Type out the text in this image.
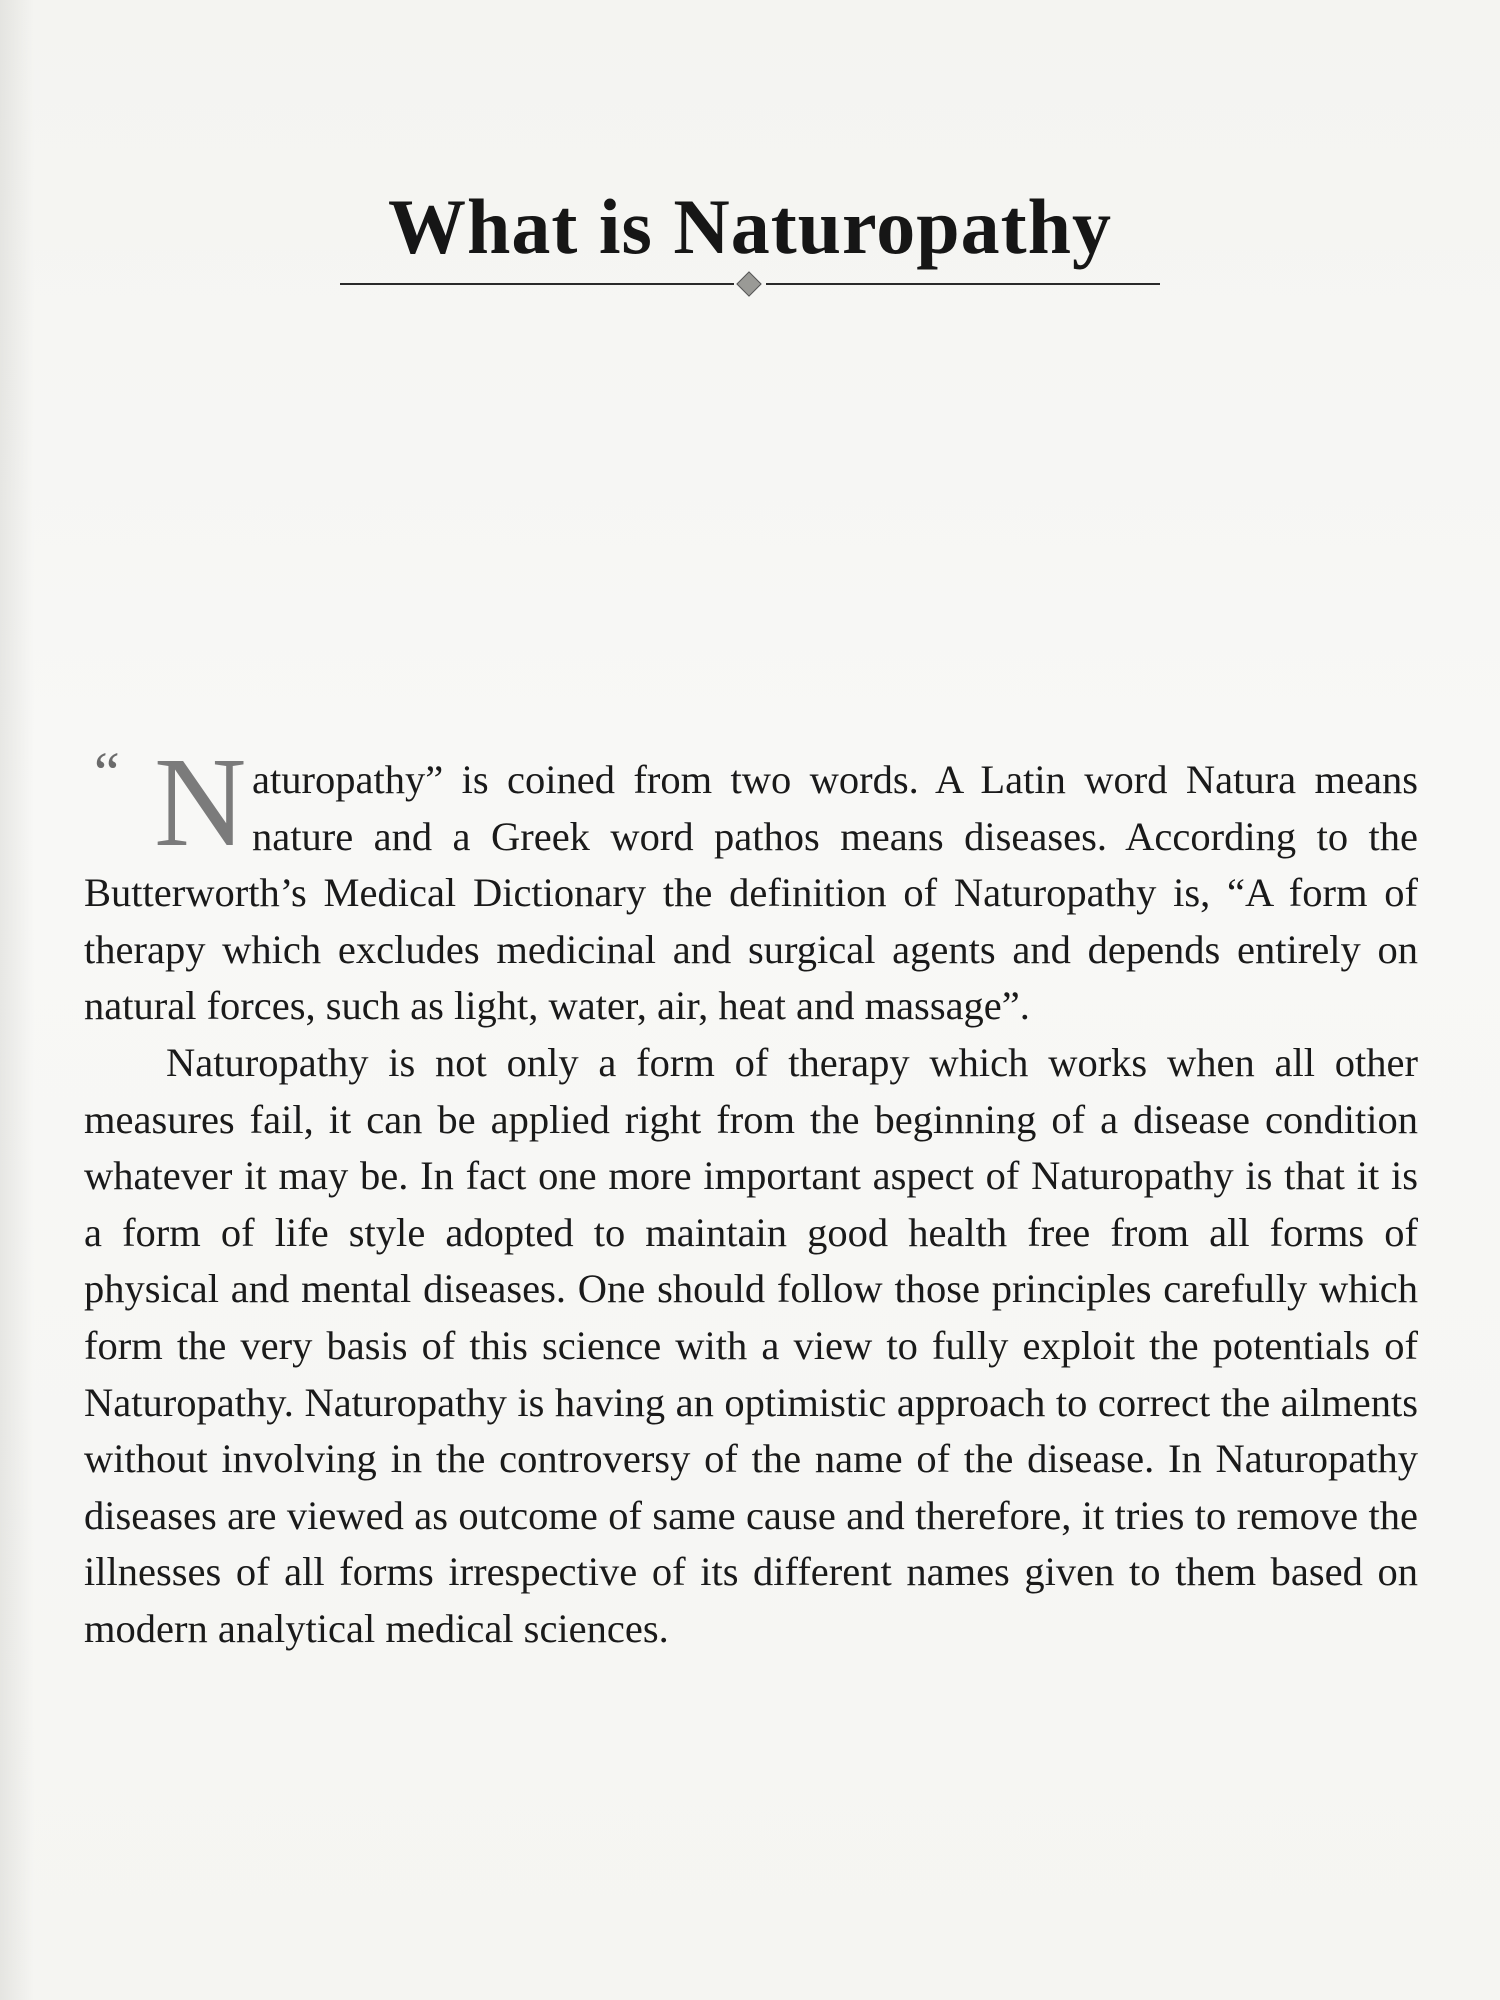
What is Naturopathy

“ N aturopathy” is coined from two words. A Latin word Natura means nature and a Greek word pathos means diseases. According to the Butterworth’s Medical Dictionary the definition of Naturopathy is, “A form of therapy which excludes medicinal and surgical agents and depends entirely on natural forces, such as light, water, air, heat and massage”.

Naturopathy is not only a form of therapy which works when all other measures fail, it can be applied right from the beginning of a disease condition whatever it may be. In fact one more important aspect of Naturopathy is that it is a form of life style adopted to maintain good health free from all forms of physical and mental diseases. One should follow those principles carefully which form the very basis of this science with a view to fully exploit the potentials of Naturopathy. Naturopathy is having an optimistic approach to correct the ailments without involving in the controversy of the name of the disease. In Naturopathy diseases are viewed as outcome of same cause and therefore, it tries to remove the illnesses of all forms irrespective of its different names given to them based on modern analytical medical sciences.
